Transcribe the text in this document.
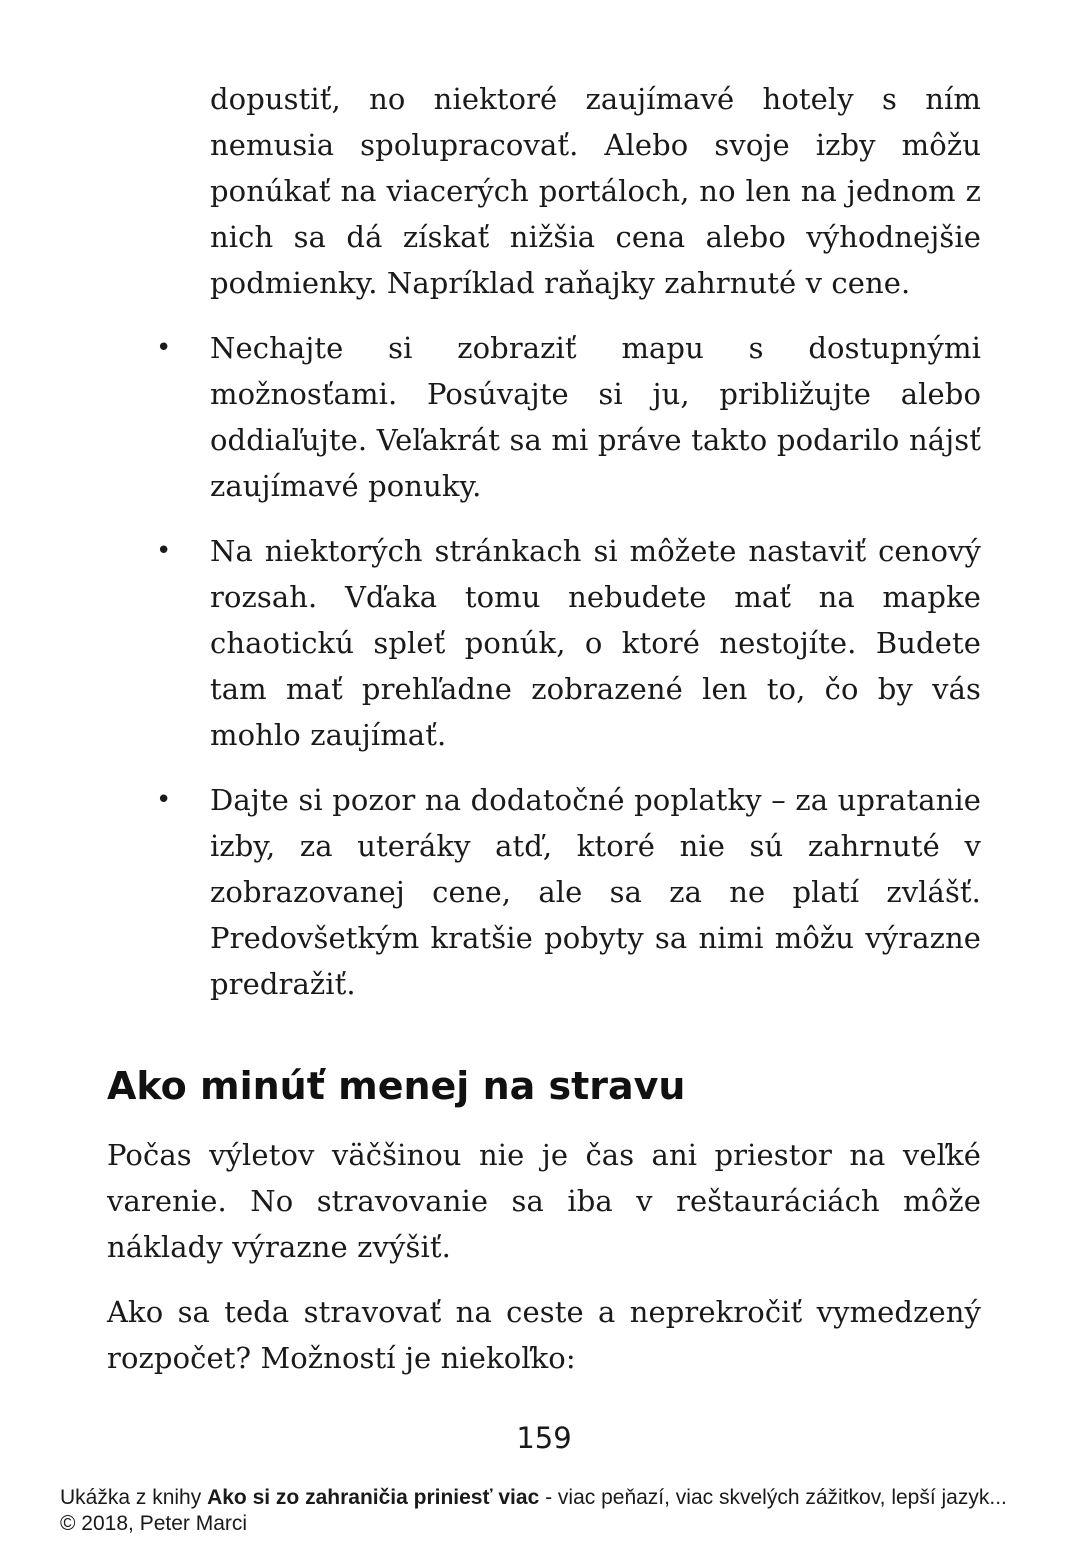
dopustiť, no niektoré zaujímavé hotely s ním nemusia spolupracovať. Alebo svoje izby môžu ponúkať na viacerých portáloch, no len na jednom z nich sa dá získať nižšia cena alebo výhodnejšie podmienky. Napríklad raňajky zahrnuté v cene.

• Nechajte si zobraziť mapu s dostupnými možnosťami. Posúvajte si ju, približujte alebo oddiaľujte. Veľakrát sa mi práve takto podarilo nájsť zaujímavé ponuky.
• Na niektorých stránkach si môžete nastaviť cenový rozsah. Vďaka tomu nebudete mať na mapke chaotickú spleť ponúk, o ktoré nestojíte. Budete tam mať prehľadne zobrazené len to, čo by vás mohlo zaujímať.
• Dajte si pozor na dodatočné poplatky – za upratanie izby, za uteráky atď, ktoré nie sú zahrnuté v zobrazovanej cene, ale sa za ne platí zvlášť. Predovšetkým kratšie pobyty sa nimi môžu výrazne predražiť.
Ako minúť menej na stravu

Počas výletov väčšinou nie je čas ani priestor na veľké varenie. No stravovanie sa iba v reštauráciách môže náklady výrazne zvýšiť.

Ako sa teda stravovať na ceste a neprekročiť vymedzený rozpočet? Možností je niekoľko:

159
Ukážka z knihy Ako si zo zahraničia priniesť viac - viac peňazí, viac skvelých zážitkov, lepší jazyk...
© 2018, Peter Marci
